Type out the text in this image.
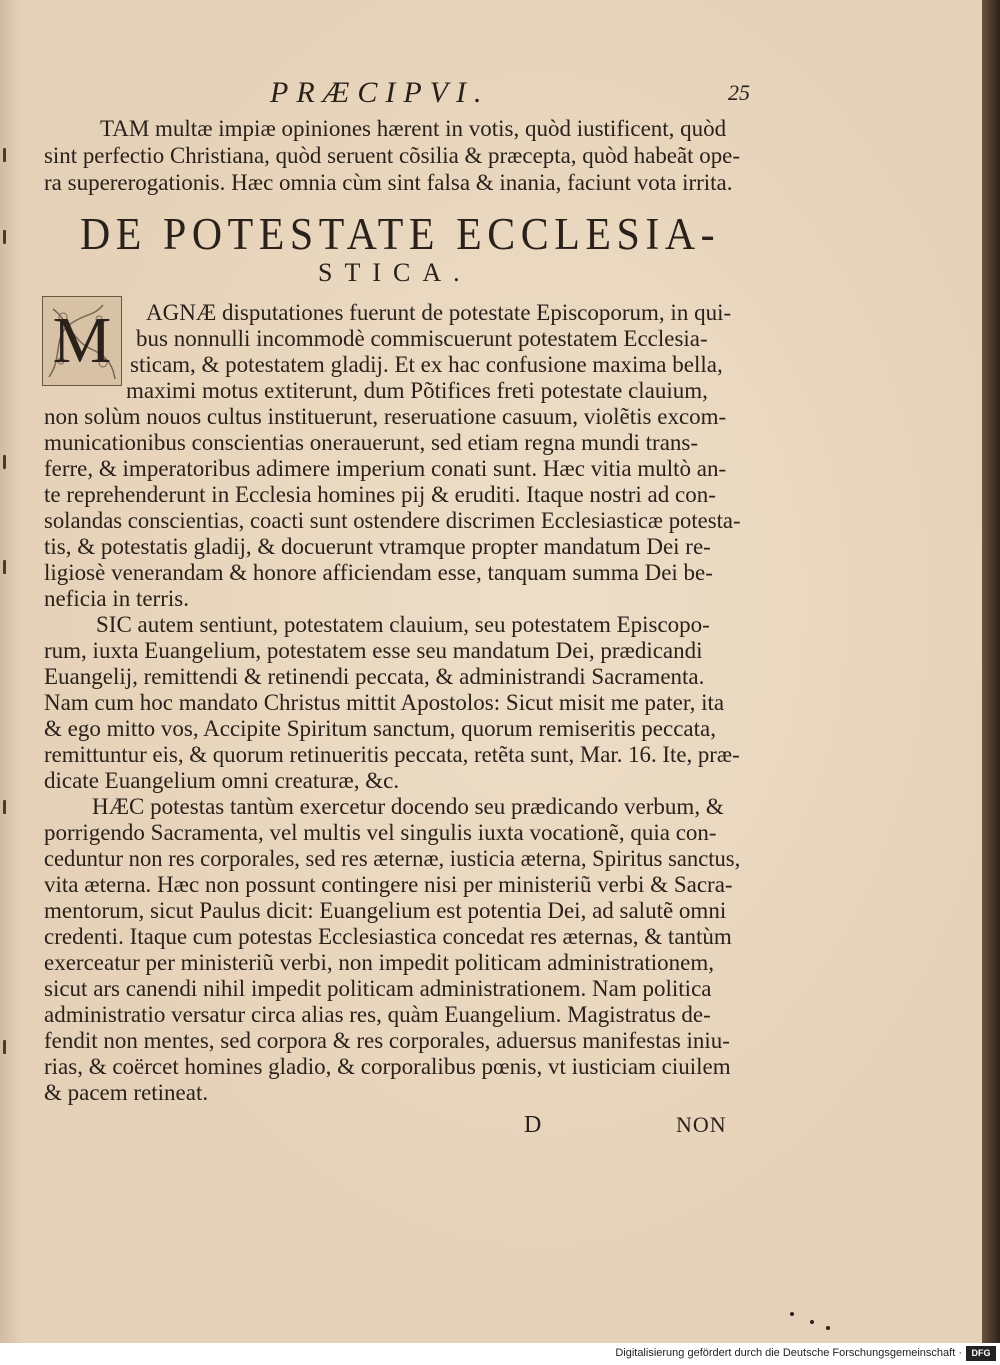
PRÆCIPVI.	25
TAM multæ impiæ opiniones hærent in votis, quòd iustificent, quòd
sint perfectio Christiana, quòd seruent cõsilia & præcepta, quòd habeãt ope-
ra supererogationis. Hæc omnia cùm sint falsa & inania, faciunt vota irrita.
DE POTESTATE ECCLESIA-
STICA.
M	AGNÆ disputationes fuerunt de potestate Episcoporum, in qui-
bus nonnulli incommodè commiscuerunt potestatem Ecclesia-
sticam, & potestatem gladij. Et ex hac confusione maxima bella,
maximi motus extiterunt, dum Põtifices freti potestate clauium,
non solùm nouos cultus instituerunt, reseruatione casuum, violẽtis excom-
municationibus conscientias onerauerunt, sed etiam regna mundi trans-
ferre, & imperatoribus adimere imperium conati sunt. Hæc vitia multò an-
te reprehenderunt in Ecclesia homines pij & eruditi. Itaque nostri ad con-
solandas conscientias, coacti sunt ostendere discrimen Ecclesiasticæ potesta-
tis, & potestatis gladij, & docuerunt vtramque propter mandatum Dei re-
ligiosè venerandam & honore afficiendam esse, tanquam summa Dei be-
neficia in terris.
SIC autem sentiunt, potestatem clauium, seu potestatem Episcopo-
rum, iuxta Euangelium, potestatem esse seu mandatum Dei, prædicandi
Euangelij, remittendi & retinendi peccata, & administrandi Sacramenta.
Nam cum hoc mandato Christus mittit Apostolos: Sicut misit me pater, ita
& ego mitto vos, Accipite Spiritum sanctum, quorum remiseritis peccata,
remittuntur eis, & quorum retinueritis peccata, retẽta sunt, Mar. 16. Ite, præ-
dicate Euangelium omni creaturæ, &c.
HÆC potestas tantùm exercetur docendo seu prædicando verbum, &
porrigendo Sacramenta, vel multis vel singulis iuxta vocationẽ, quia con-
ceduntur non res corporales, sed res æternæ, iusticia æterna, Spiritus sanctus,
vita æterna. Hæc non possunt contingere nisi per ministeriũ verbi & Sacra-
mentorum, sicut Paulus dicit: Euangelium est potentia Dei, ad salutẽ omni
credenti. Itaque cum potestas Ecclesiastica concedat res æternas, & tantùm
exerceatur per ministeriũ verbi, non impedit politicam administrationem,
sicut ars canendi nihil impedit politicam administrationem. Nam politica
administratio versatur circa alias res, quàm Euangelium. Magistratus de-
fendit non mentes, sed corpora & res corporales, aduersus manifestas iniu-
rias, & coërcet homines gladio, & corporalibus pœnis, vt iusticiam ciuilem
& pacem retineat.
D	NON
Digitalisierung gefördert durch die Deutsche Forschungsgemeinschaft ·	DFG
